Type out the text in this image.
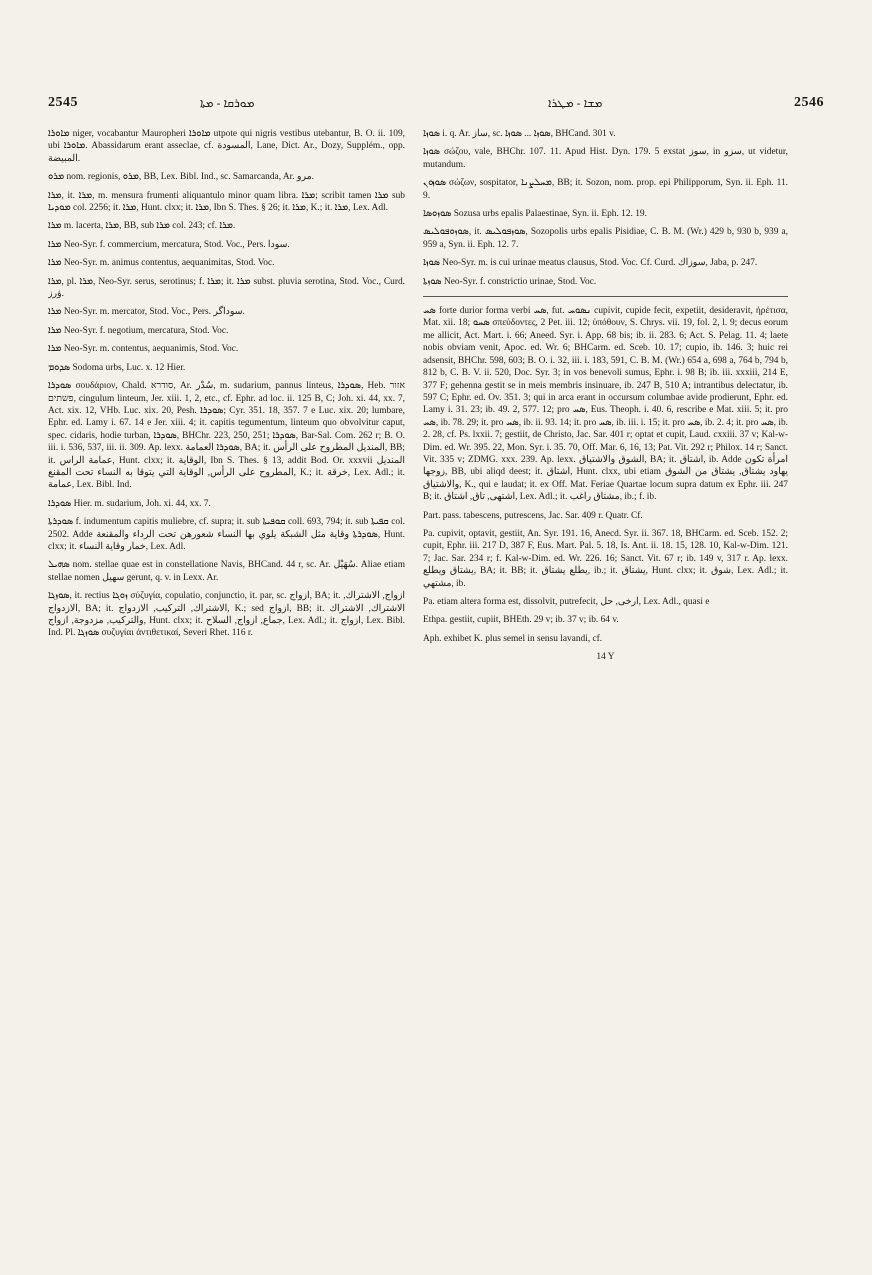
2545	ܡܘܪܩܐ - ܡܬܐ	ܡܫܐ - ܡܛܪܐ	2546

ܡܐܘܪܐ niger, vocabantur Mauropheri ܡܐܘܪܐ utpote qui nigris vestibus utebantur, B. O. ii. 109, ubi ܡܐܘܪܐ. Abassidarum erant asseclae, cf. المسودة, Lane, Dict. Ar., Dozy, Supplém., opp. المبيضة.

ܡܪܘ nom. regionis, ܡܪܘ, BB, Lex. Bibl. Ind., sc. Samarcanda, Ar. مرو.

ܡܪܐ, it. ܡܪܐ, m. mensura frumenti aliquantulo minor quam libra. ܡܪܐ; scribit tamen ܡܪܐ sub ܡܘܕܝܐ col. 2256; it. ܡܪܐ, Hunt. clxx; it. ܡܪܐ, Ibn S. Thes. § 26; it. ܡܪܐ, K.; it. ܡܪܐ, Lex. Adl.

ܡܪܐ m. lacerta, ܡܪܐ, BB, sub ܡܪܐ col. 243; cf. ܡܪܐ.

ܡܪܐ Neo-Syr. f. commercium, mercatura, Stod. Voc., Pers. سودا.

ܡܪܐ Neo-Syr. m. animus contentus, aequanimitas, Stod. Voc.

ܡܪܐ, pl. ܡܪܐ, Neo-Syr. serus, serotinus; f. ܡܪܐ; it. ܡܪܐ subst. pluvia serotina, Stod. Voc., Curd. ۋرز.

ܡܪܐ Neo-Syr. m. mercator, Stod. Voc., Pers. سوداگر.

ܡܪܐ Neo-Syr. f. negotium, mercatura, Stod. Voc.

ܡܪܐ Neo-Syr. m. contentus, aequanimis, Stod. Voc.

ܣܕܘܡ Sodoma urbs, Luc. x. 12 Hier.

ܣܘܕܪܐ σουδάριον, Chald. סודרא, Ar. سُدْر, m. sudarium, pannus linteus, ܣܘܕܪܐ, Heb. אזור פשתים, cingulum linteum, Jer. xiii. 1, 2, etc., cf. Ephr. ad loc. ii. 125 B, C; Joh. xi. 44, xx. 7, Act. xix. 12, VHb. Luc. xix. 20, Pesh. ܣܘܕܪܐ; Cyr. 351. 18, 357. 7 e Luc. xix. 20; lumbare, Ephr. ed. Lamy i. 67. 14 e Jer. xiii. 4; it. capitis tegumentum, linteum quo obvolvitur caput, spec. cidaris, hodie turban, ܣܘܕܪܐ, BHChr. 223, 250, 251; ܣܘܕܪܐ, Bar-Sal. Com. 262 r; B. O. iii. i. 536, 537, iii. ii. 309. Ap. lexx. ܣܘܕܪܐ العمامة, BA; it. المنديل المطروح على الرأس, BB; it. عمامة الراس, Hunt. clxx; it. الوقاية, Ibn S. Thes. § 13, addit Bod. Or. xxxvii المنديل المطروح على الرأس, الوقاية التي يتوقا به النساء تحت المقنع, K.; it. خرقة, Lex. Adl.; it. عمامة, Lex. Bibl. Ind.

ܣܘܕܪܐ Hier. m. sudarium, Joh. xi. 44, xx. 7.

ܣܘܕܪܬܐ f. indumentum capitis muliebre, cf. supra; it. sub ܩܘܦܝܬܐ coll. 693, 794; it. sub ܩܦܝܬܐ col. 2502. Adde ܣܘܕܪܬܐ وقاية مثل الشبكة يلوي بها النساء شعورهن تحت الرداء والمقنعة, Hunt. clxx; it. خمار وقاية النساء, Lex. Adl.

ܣܗܝܠ nom. stellae quae est in constellatione Navis, BHCand. 44 r, sc. Ar. سُهَيْل. Aliae etiam stellae nomen سهيل gerunt, q. v. in Lexx. Ar.

ܣܘܙܓܐ, it. rectius ܙܘܓܐ σύζυγία, copulatio, conjunctio, it. par, sc. ازواج, BA; it. ازواج, الاشتراك, الازدواج, BA; it. الاشتراك, التركيب, الازدواج, K.; sed ازواج, BB; it. الاشتراك, الاشتراك والتركيب, مزدوجة, ازواج, Hunt. clxx; it. جماع, ازواج, السلاح, Lex. Adl.; it. ازواج, Lex. Bibl. Ind. Pl. ܣܘܙܓܐ συζυγίαι ἀντιθετικαί, Severi Rhet. 116 r.

ܣܘܙܐ i. q. Ar. ساز, sc. ܣܘܙܐ ... ܣܘܙܐ, BHCand. 301 v.

ܣܘܙܐ σώζου, vale, BHChr. 107. 11. Apud Hist. Dyn. 179. 5 exstat سوز, in سزو, ut videtur, mutandum.

ܣܘܙܘܢ σώζων, sospitator, ܡܚܠܨܢܐ, BB; it. Sozon, nom. prop. epi Philipporum, Syn. ii. Eph. 11. 9.

ܣܘܙܘܣܐ Sozusa urbs epalis Palaestinae, Syn. ii. Eph. 12. 19.

ܣܘܙܘܦܘܠܝܣ, it. ܣܘܙܦܘܠܝܣ, Sozopolis urbs epalis Pisidiae, C. B. M. (Wr.) 429 b, 930 b, 939 a, 959 a, Syn. ii. Eph. 12. 7.

ܣܘܙܐ Neo-Syr. m. is cui urinae meatus clausus, Stod. Voc. Cf. Curd. سوزاك, Jaba, p. 247.

ܣܘܙܬܐ Neo-Syr. f. constrictio urinae, Stod. Voc.

ܣܚ forte durior forma verbi ܣܚ, fut. ܢܣܘܚ cupivit, cupide fecit, expetiit, desideravit, ἠρέτισα, Mat. xii. 18; ܣܚܘ σπεύδοντες, 2 Pet. iii. 12; ὑπόθουν, S. Chrys. vii. 19, fol. 2, l. 9; decus eorum me allicit, Act. Mart. i. 66; Aneed. Syr. i. App. 68 bis; ib. ii. 283. 6; Act. S. Pelag. 11. 4; laete nobis obviam venit, Apoc. ed. Wr. 6; BHCarm. ed. Sceb. 10. 17; cupio, ib. 146. 3; huic rei adsensit, BHChr. 598, 603; B. O. i. 32, iii. i. 183, 591, C. B. M. (Wr.) 654 a, 698 a, 764 b, 794 b, 812 b, C. B. V. ii. 520, Doc. Syr. 3; in vos benevoli sumus, Ephr. i. 98 B; ib. iii. xxxiii, 214 E, 377 F; gehenna gestit se in meis membris insinuare, ib. 247 B, 510 A; intrantibus delectatur, ib. 597 C; Ephr. ed. Ov. 351. 3; qui in arca erant in occursum columbae avide prodierunt, Ephr. ed. Lamy i. 31. 23; ib. 49. 2, 577. 12; pro ܣܚ, Eus. Theoph. i. 40. 6, rescribe e Mat. xiii. 5; it. pro ܣܚ, ib. 78. 29; it. pro ܣܚ, ib. ii. 93. 14; it. pro ܣܚ, ib. iii. i. 15; it. pro ܣܚ, ib. 2. 4; it. pro ܣܚ, ib. 2. 28, cf. Ps. lxxii. 7; gestiit, de Christo, Jac. Sar. 401 r; optat et cupit, Laud. cxxiii. 37 v; Kal-w-Dim. ed. Wr. 395. 22, Mon. Syr. i. 35. 70, Off. Mar. 6, 16, 13; Pat. Vit. 292 r; Philox. 14 r; Sanct. Vit. 335 v; ZDMG. xxx. 239. Ap. lexx. الشوق والاشتياق, BA; it. اشتاق, ib. Adde امرأة تكون زوجها, BB, ubi aliqd deest; it. اشتاق, Hunt. clxx, ubi etiam يهاود يشتاق, يشتاق من الشوق والاشتياق, K., qui e laudat; it. ex Off. Mat. Feriae Quartae locum supra datum ex Ephr. iii. 247 B; it. اشتهى, تاق, اشتاق, Lex. Adl.; it. مشتاق راغب, ib.; f. ib.

Part. pass. tabescens, putrescens, Jac. Sar. 409 r. Quatr. Cf.

Pa. cupivit, optavit, gestiit, An. Syr. 191. 16, Anecd. Syr. ii. 367. 18, BHCarm. ed. Sceb. 152. 2; cupit, Ephr. iii. 217 D, 387 F, Eus. Mart. Pal. 5. 18, Is. Ant. ii. 18. 15, 128. 10, Kal-w-Dim. 121. 7; Jac. Sar. 234 r; f. Kal-w-Dim. ed. Wr. 226. 16; Sanct. Vit. 67 r; ib. 149 v, 317 r. Ap. lexx. يشتاق ويطلع, BA; it. BB; it. يطلع يشتاق, ib.; it. يشتاق, Hunt. clxx; it. شوق, Lex. Adl.; it. مشتهي, ib.

Pa. etiam altera forma est, dissolvit, putrefecit, ارخى, حل, Lex. Adl., quasi e

Ethpa. gestiit, cupiit, BHEth. 29 v; ib. 37 v; ib. 64 v.

Aph. exhibet K. plus semel in sensu lavandi, cf.

14 Y
